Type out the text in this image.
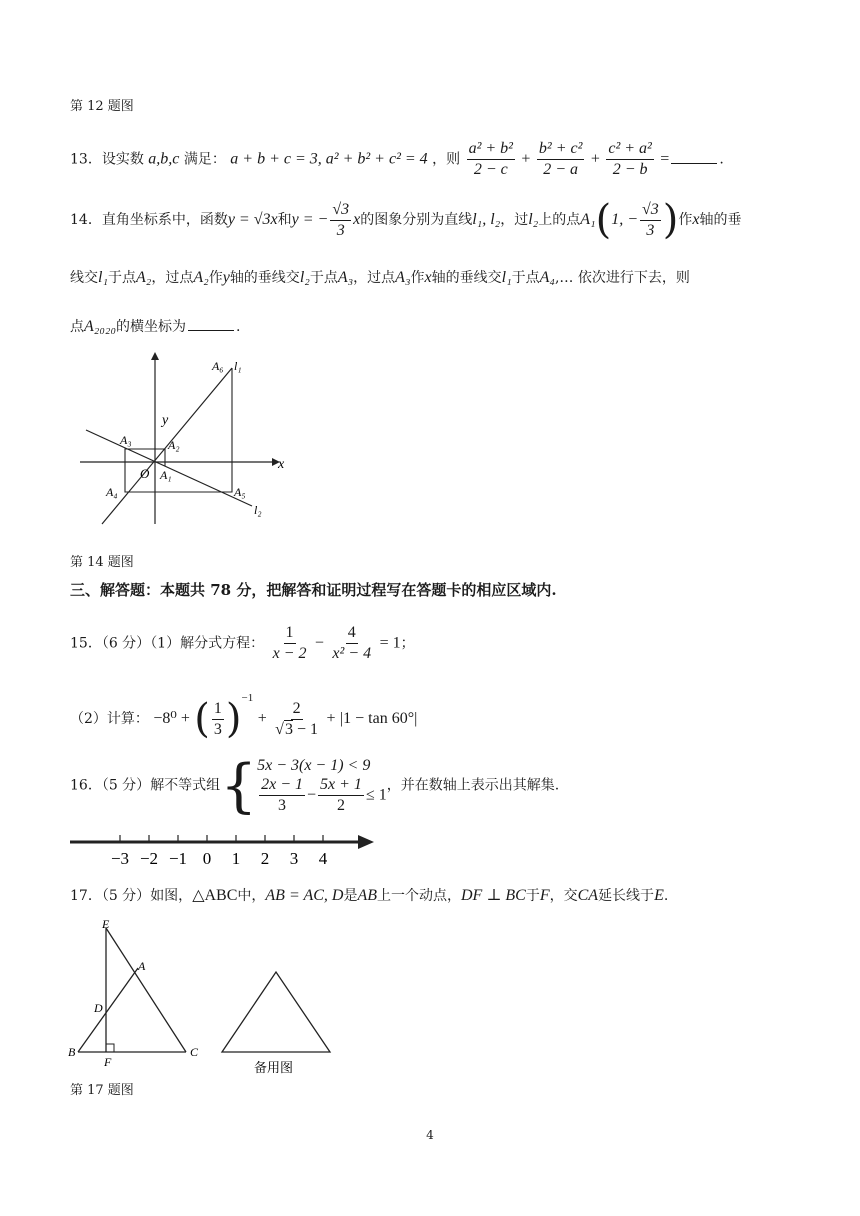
第 12 题图
13．设实数 a,b,c 满足： a + b + c = 3, a² + b² + c² = 4 ，则 $\frac{\text{a² + b²}}{2 - c} + \frac{\text{b² + c²}}{2 - a} + \frac{\text{c² + a²}}{2 - b}$ =	.
14．直角坐标系中，函数y = √3x和y = − $\frac{√3}{3}$ x的图象分别为直线l₁, l₂，过l₂上的点A₁(1, − $\frac{√3}{3}$ )作x轴的垂
线交l₁于点A₂，过点A₂作y轴的垂线交l₂于点A₃，过点A₃作x轴的垂线交l₁于点A₄,… 依次进行下去，则
点A₂₀₂₀的横坐标为	.
y
x
O A₁
A₂
A₃
A₄	A₅
A₆ l₁
l₂
第 14 题图
三、解答题：本题共 78 分，把解答和证明过程写在答题卡的相应区域内.
15．（6 分）（1）解分式方程： $\frac{1}{x - 2} - \frac{4}{\text{x² − 4}} = 1$；
（2）计算： −8⁰ + ( $\frac{1}{3} )^{-1} + \frac{2}{√3 - 1} + |1 - \tan 60^\circ|$
16．（5 分）解不等式组{ 5x − 3(x − 1) < 9
$\frac{2x - 1}{3} - \frac{5x + 1}{2} \le 1$
，并在数轴上表示出其解集.
−3 −2 −1 0 1 2 3 4
17．（5 分）如图，△ABC中，AB = AC, D是AB上一个动点，DF ⊥ BC于F，交CA延长线于E.
E
A
D
B
F
C
备用图
第 17 题图
4
